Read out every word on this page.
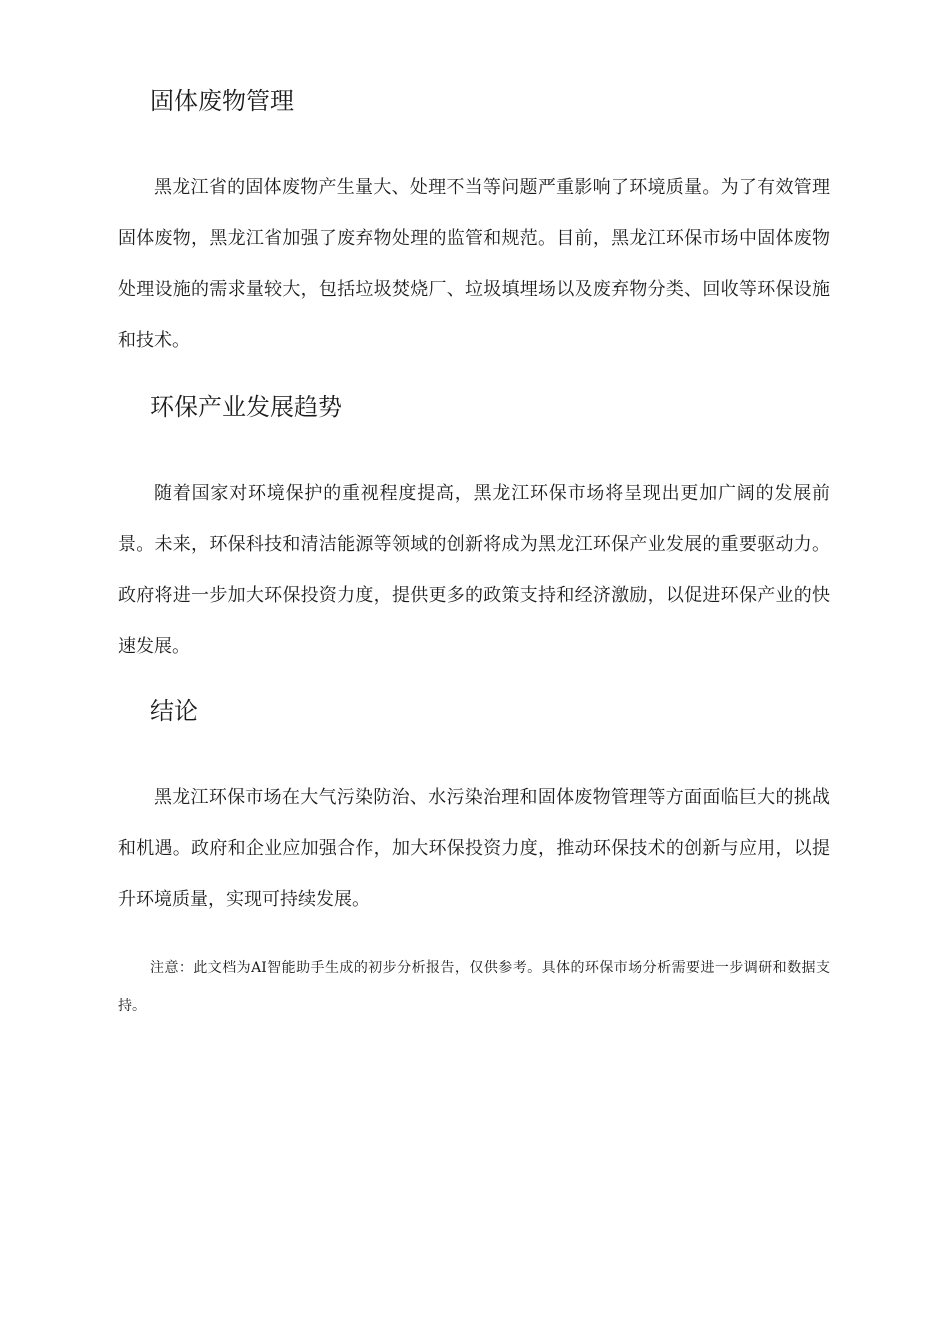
固体废物管理

黑龙江省的固体废物产生量大、处理不当等问题严重影响了环境质量。为了有效管理固体废物，黑龙江省加强了废弃物处理的监管和规范。目前，黑龙江环保市场中固体废物处理设施的需求量较大，包括垃圾焚烧厂、垃圾填埋场以及废弃物分类、回收等环保设施和技术。

环保产业发展趋势

随着国家对环境保护的重视程度提高，黑龙江环保市场将呈现出更加广阔的发展前景。未来，环保科技和清洁能源等领域的创新将成为黑龙江环保产业发展的重要驱动力。政府将进一步加大环保投资力度，提供更多的政策支持和经济激励，以促进环保产业的快速发展。

结论

黑龙江环保市场在大气污染防治、水污染治理和固体废物管理等方面面临巨大的挑战和机遇。政府和企业应加强合作，加大环保投资力度，推动环保技术的创新与应用，以提升环境质量，实现可持续发展。

注意：此文档为AI智能助手生成的初步分析报告，仅供参考。具体的环保市场分析需要进一步调研和数据支持。
